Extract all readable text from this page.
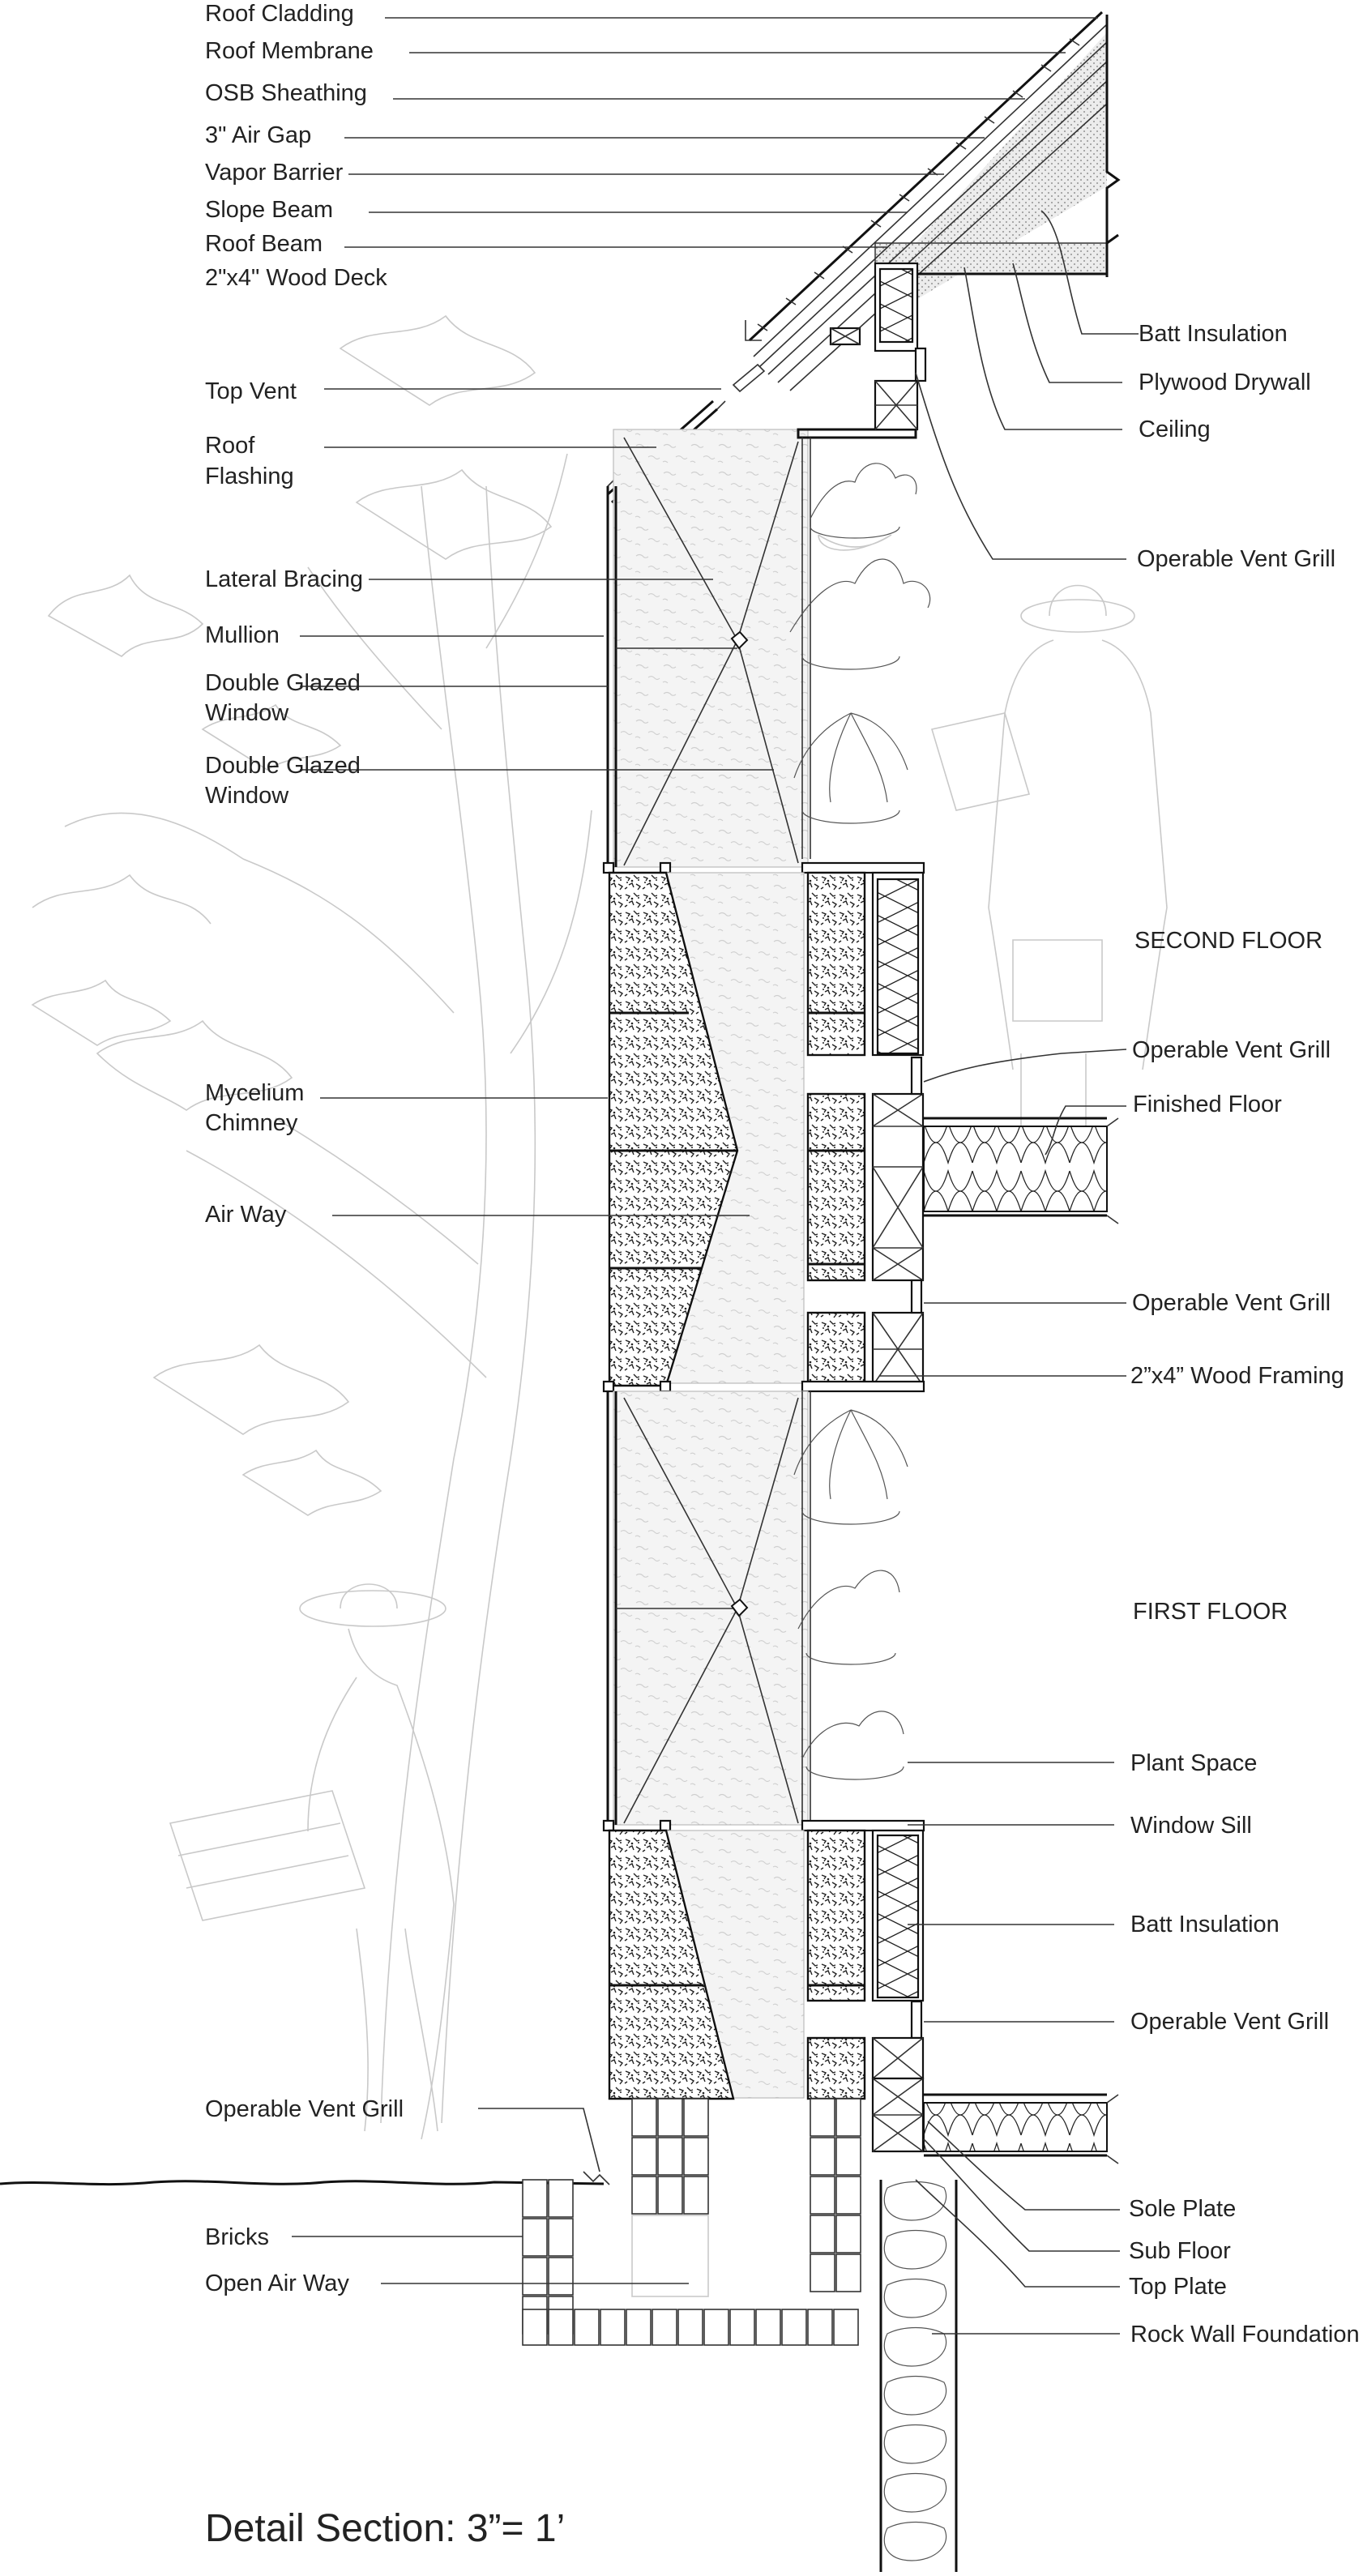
Roof Cladding
Roof Membrane
OSB Sheathing
3" Air Gap
Vapor Barrier
Slope Beam
Roof Beam
2"x4" Wood Deck
Top Vent
Roof
Flashing
Lateral Bracing
Mullion
Double Glazed
Window
Double Glazed
Window
Mycelium
Chimney
Air Way
Operable Vent Grill
Bricks
Open Air Way
Batt Insulation
Plywood Drywall
Ceiling
Operable Vent Grill
SECOND FLOOR
Operable Vent Grill
Finished Floor
Operable Vent Grill
2”x4” Wood Framing
FIRST FLOOR
Plant Space
Window Sill
Batt Insulation
Operable Vent Grill
Sole Plate
Sub Floor
Top Plate
Rock Wall Foundation
Detail Section: 3”= 1’
